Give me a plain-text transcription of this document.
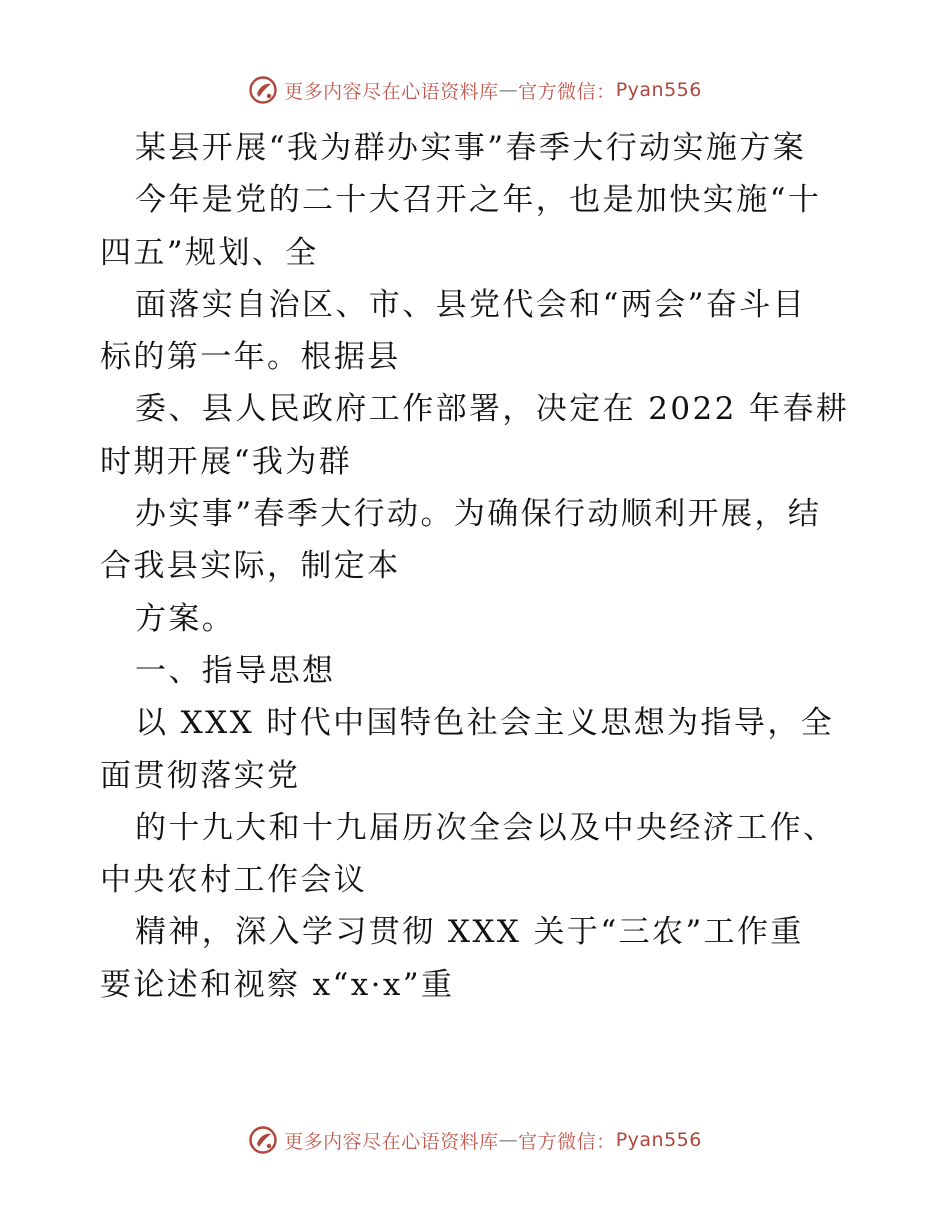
更多内容尽在心语资料库 — 官方微信： Pyan556
某县开展“我为群办实事”春季大行动实施方案
今年是党的二十大召开之年，也是加快实施“十
四五”规划、全
面落实自治区、市、县党代会和“两会”奋斗目
标的第一年。根据县
委、县人民政府工作部署，决定在 2022 年春耕
时期开展“我为群
办实事”春季大行动。为确保行动顺利开展，结
合我县实际，制定本
方案。
一、指导思想
以 XXX 时代中国特色社会主义思想为指导，全
面贯彻落实党
的十九大和十九届历次全会以及中央经济工作、
中央农村工作会议
精神，深入学习贯彻 XXX 关于“三农”工作重
要论述和视察 x“x·x”重
更多内容尽在心语资料库 — 官方微信： Pyan556
